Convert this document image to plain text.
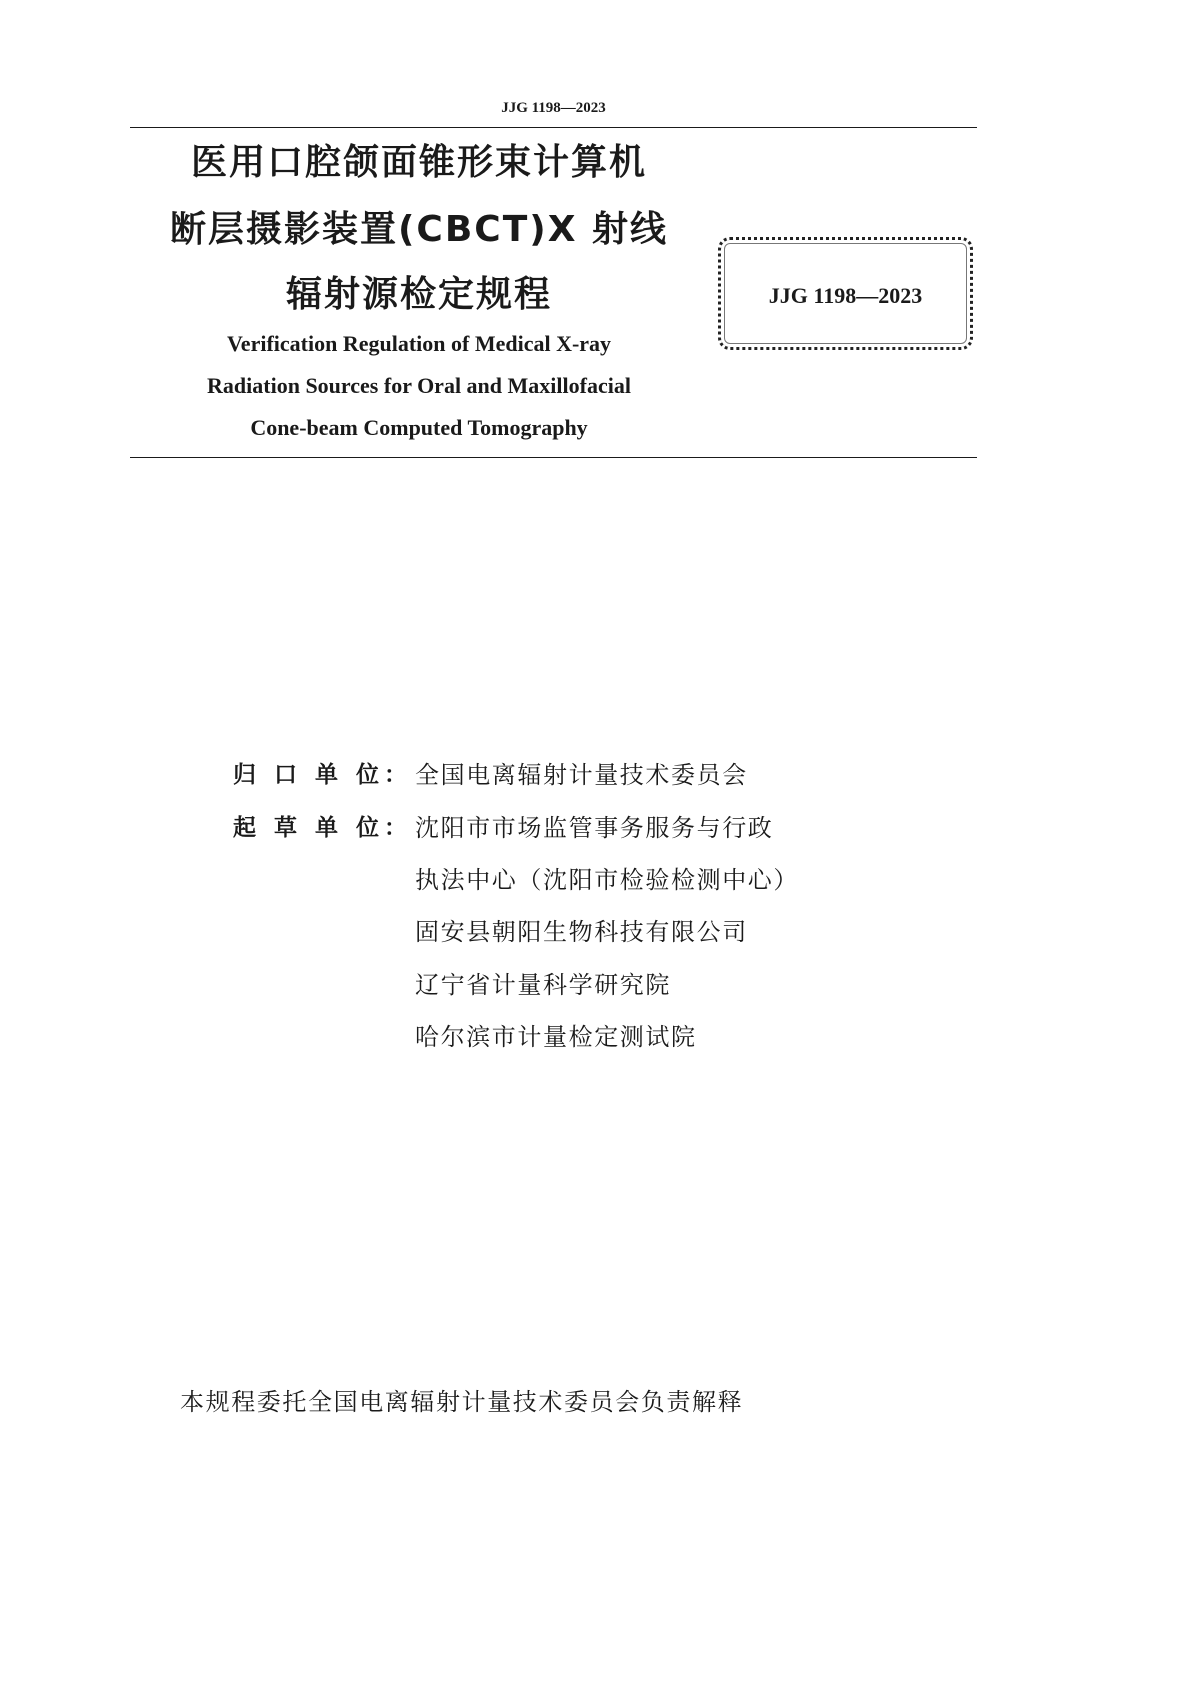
JJG 1198—2023
医用口腔颌面锥形束计算机
断层摄影装置(CBCT)X 射线
辐射源检定规程
Verification Regulation of Medical X-ray
Radiation Sources for Oral and Maxillofacial
Cone-beam Computed Tomography
JJG 1198—2023
归 口 单 位： 全国电离辐射计量技术委员会
起 草 单 位： 沈阳市市场监管事务服务与行政
执法中心（沈阳市检验检测中心）
固安县朝阳生物科技有限公司
辽宁省计量科学研究院
哈尔滨市计量检定测试院
本规程委托全国电离辐射计量技术委员会负责解释
